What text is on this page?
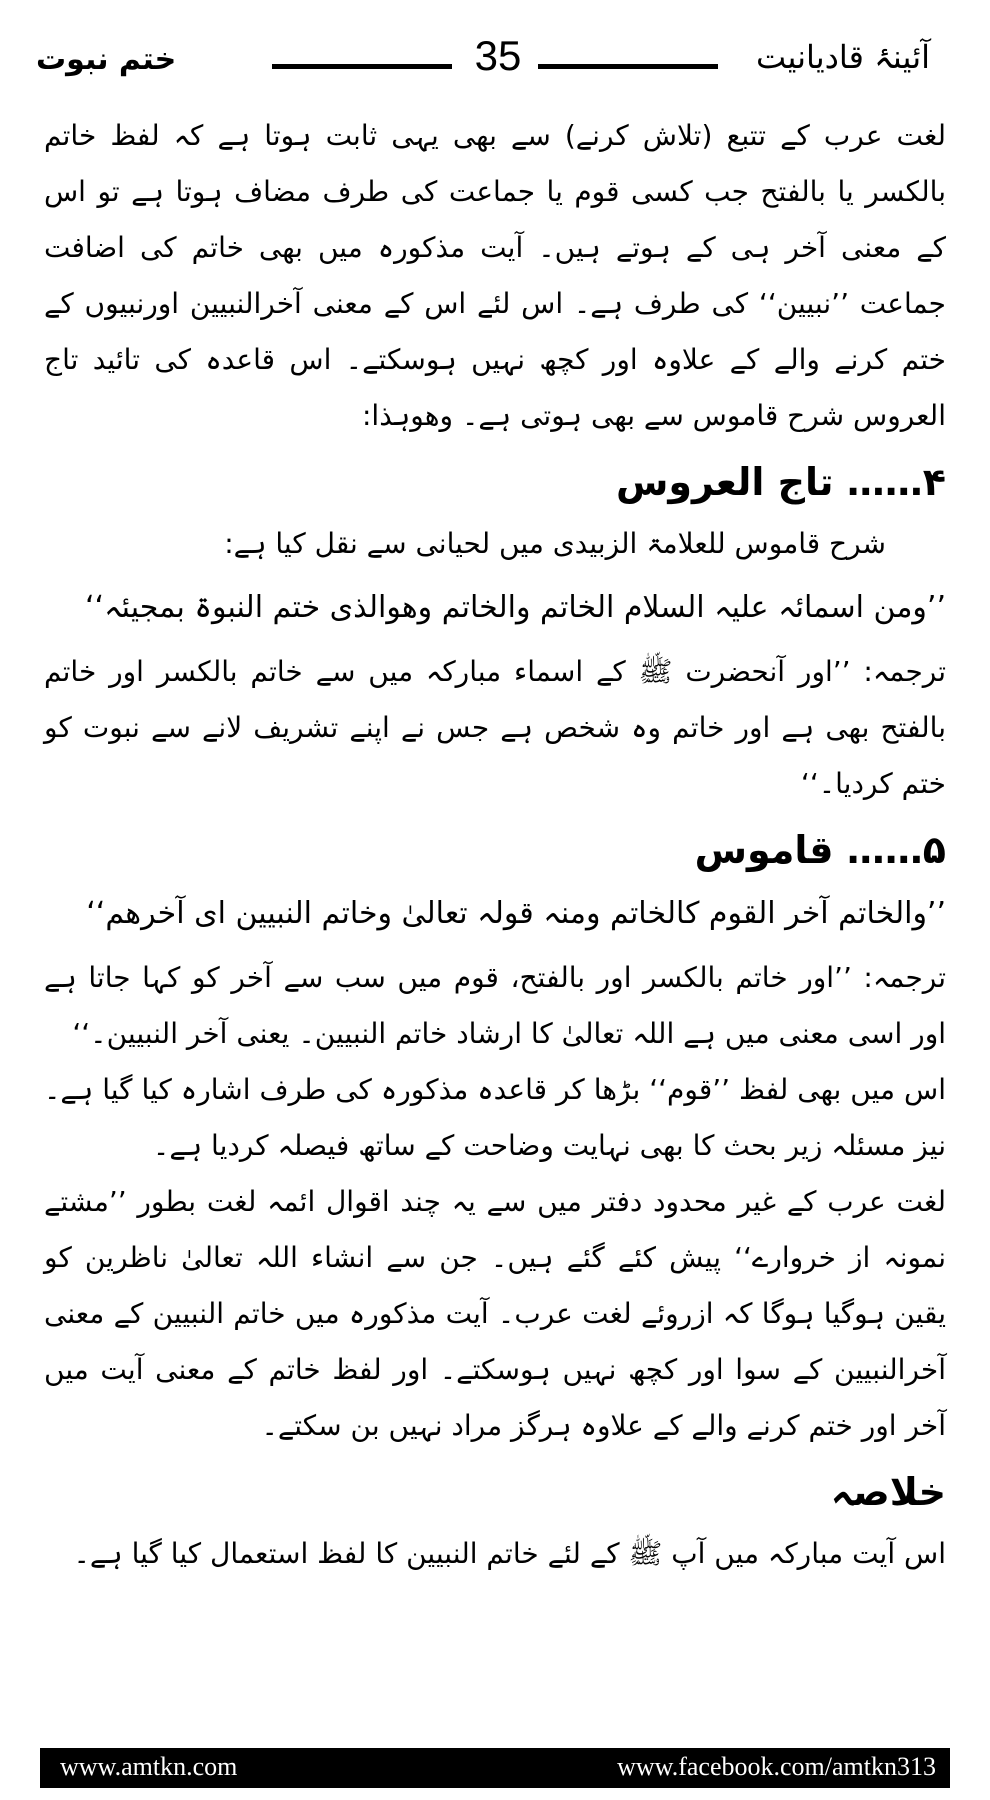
ختم نبوت	35	آئینۂ قادیانیت

لغت عرب کے تتبع (تلاش کرنے) سے بھی یہی ثابت ہوتا ہے کہ لفظ خاتم بالکسر یا بالفتح جب کسی قوم یا جماعت کی طرف مضاف ہوتا ہے تو اس کے معنی آخر ہی کے ہوتے ہیں۔ آیت مذکورہ میں بھی خاتم کی اضافت جماعت ’’نبیین‘‘ کی طرف ہے۔ اس لئے اس کے معنی آخرالنبیین اورنبیوں کے ختم کرنے والے کے علاوہ اور کچھ نہیں ہوسکتے۔ اس قاعدہ کی تائید تاج العروس شرح قاموس سے بھی ہوتی ہے۔ وھوہذا:

۴…… تاج العروس

شرح قاموس للعلامۃ الزبیدی میں لحیانی سے نقل کیا ہے:

’’ومن اسمائہ علیہ السلام الخاتم والخاتم وھوالذی ختم النبوۃ بمجیئہ‘‘

ترجمہ: ’’اور آنحضرت ﷺ کے اسماء مبارکہ میں سے خاتم بالکسر اور خاتم بالفتح بھی ہے اور خاتم وہ شخص ہے جس نے اپنے تشریف لانے سے نبوت کو ختم کردیا۔‘‘

۵…… قاموس

’’والخاتم آخر القوم کالخاتم ومنہ قولہ تعالیٰ وخاتم النبیین ای آخرھم‘‘

ترجمہ: ’’اور خاتم بالکسر اور بالفتح، قوم میں سب سے آخر کو کہا جاتا ہے اور اسی معنی میں ہے اللہ تعالیٰ کا ارشاد خاتم النبیین۔ یعنی آخر النبیین۔‘‘

اس میں بھی لفظ ’’قوم‘‘ بڑھا کر قاعدہ مذکورہ کی طرف اشارہ کیا گیا ہے۔ نیز مسئلہ زیر بحث کا بھی نہایت وضاحت کے ساتھ فیصلہ کردیا ہے۔

لغت عرب کے غیر محدود دفتر میں سے یہ چند اقوال ائمہ لغت بطور ’’مشتے نمونہ از خروارے‘‘ پیش کئے گئے ہیں۔ جن سے انشاء اللہ تعالیٰ ناظرین کو یقین ہوگیا ہوگا کہ ازروئے لغت عرب۔ آیت مذکورہ میں خاتم النبیین کے معنی آخرالنبیین کے سوا اور کچھ نہیں ہوسکتے۔ اور لفظ خاتم کے معنی آیت میں آخر اور ختم کرنے والے کے علاوہ ہرگز مراد نہیں بن سکتے۔

خلاصہ

اس آیت مبارکہ میں آپ ﷺ کے لئے خاتم النبیین کا لفظ استعمال کیا گیا ہے۔

www.amtkn.com	www.facebook.com/amtkn313
